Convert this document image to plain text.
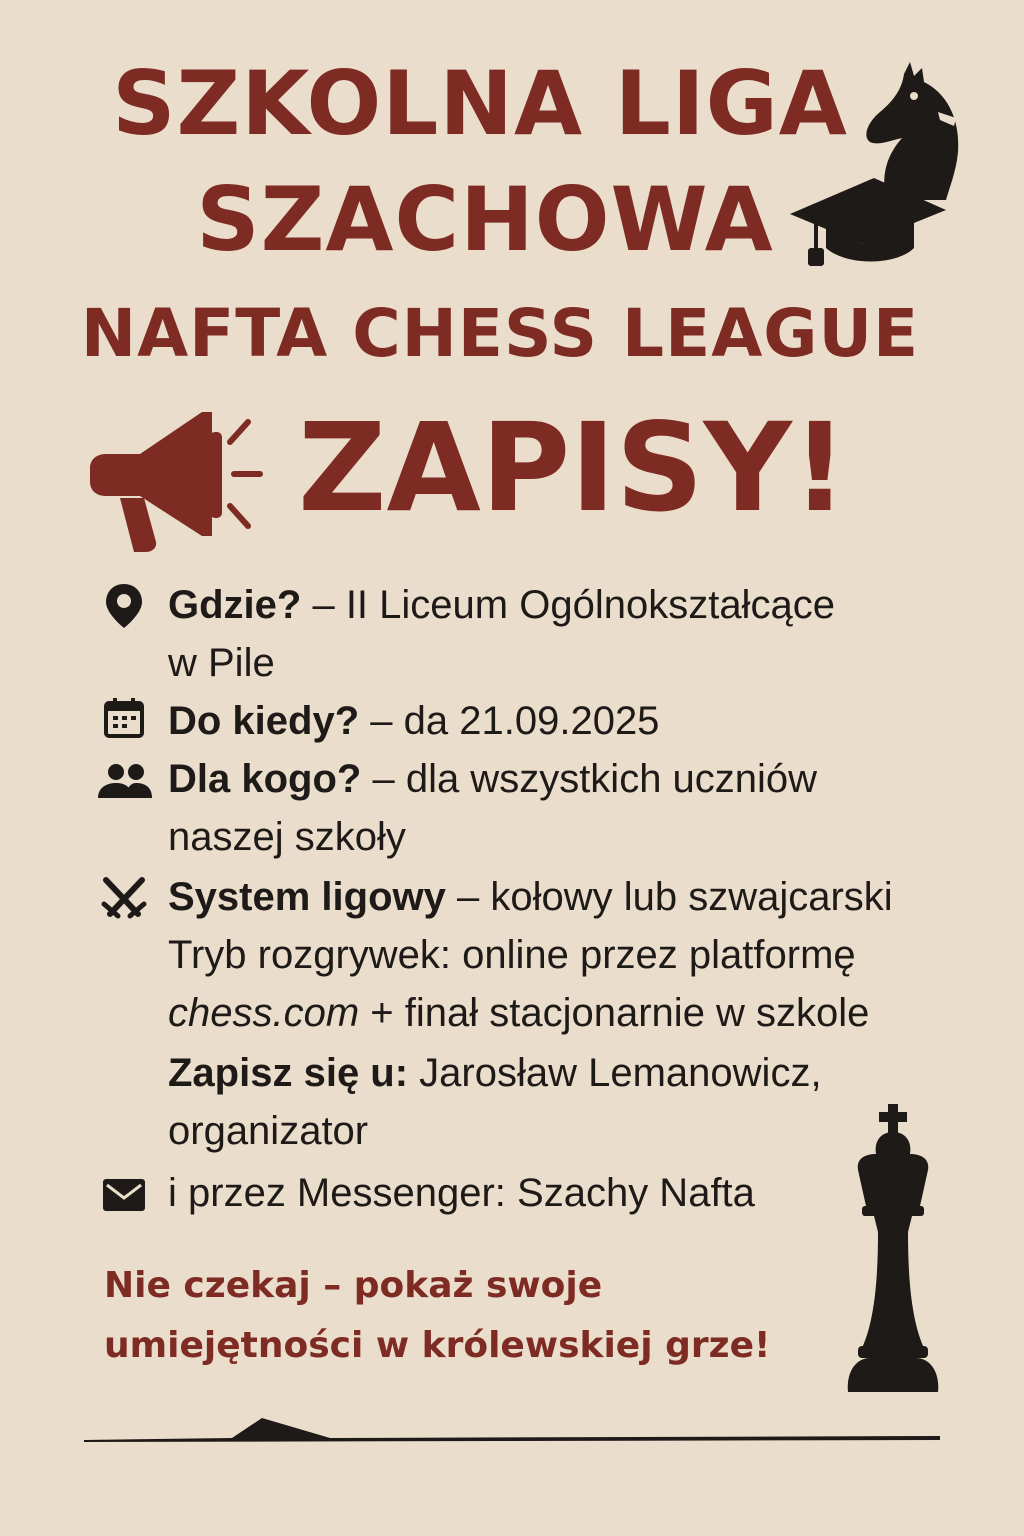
SZKOLNA LIGA
SZACHOWA
NAFTA CHESS LEAGUE
ZAPISY!
Gdzie? – II Liceum Ogólnokształcące
w Pile
Do kiedy? – da 21.09.2025
Dla kogo? – dla wszystkich uczniów
naszej szkoły
System ligowy – kołowy lub szwajcarski
Tryb rozgrywek: online przez platformę
chess.com + finał stacjonarnie w szkole
Zapisz się u: Jarosław Lemanowicz,
organizator
i przez Messenger: Szachy Nafta
Nie czekaj – pokaż swoje
umiejętności w królewskiej grze!
